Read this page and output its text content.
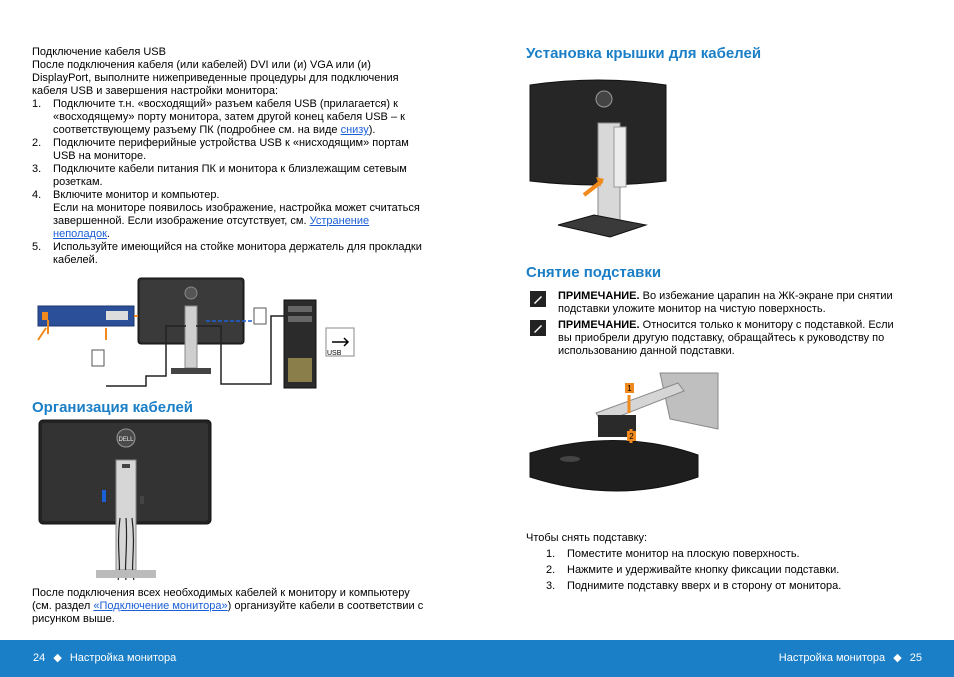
Подключение кабеля USB
После подключения кабеля (или кабелей) DVI или (и) VGA или (и) DisplayPort, выполните нижеприведенные процедуры для подключения кабеля USB и завершения настройки монитора:
1. Подключите т.н. «восходящий» разъем кабеля USB (прилагается) к «восходящему» порту монитора, затем другой конец кабеля USB – к соответствующему разъему ПК (подробнее см. на виде снизу).
2. Подключите периферийные устройства USB к «нисходящим» портам USB на мониторе.
3. Подключите кабели питания ПК и монитора к близлежащим сетевым розеткам.
4. Включите монитор и компьютер.
Если на мониторе появилось изображение, настройка может считаться завершенной. Если изображение отсутствует, см. Устранение неполадок.
5. Используйте имеющийся на стойке монитора держатель для прокладки кабелей.
USB
Организация кабелей
DELL
После подключения всех необходимых кабелей к монитору и компьютеру (см. раздел «Подключение монитора») организуйте кабели в соответствии с рисунком выше.
Установка крышки для кабелей
Снятие подставки
ПРИМЕЧАНИЕ. Во избежание царапин на ЖК-экране при снятии подставки уложите монитор на чистую поверхность.
ПРИМЕЧАНИЕ. Относится только к монитору с подставкой. Если вы приобрели другую подставку, обращайтесь к руководству по использованию данной подставки.
1
2
Чтобы снять подставку:
1. Поместите монитор на плоскую поверхность.
2. Нажмите и удерживайте кнопку фиксации подставки.
3. Поднимите подставку вверх и в сторону от монитора.
24 ◆ Настройка монитора	Настройка монитора ◆ 25
